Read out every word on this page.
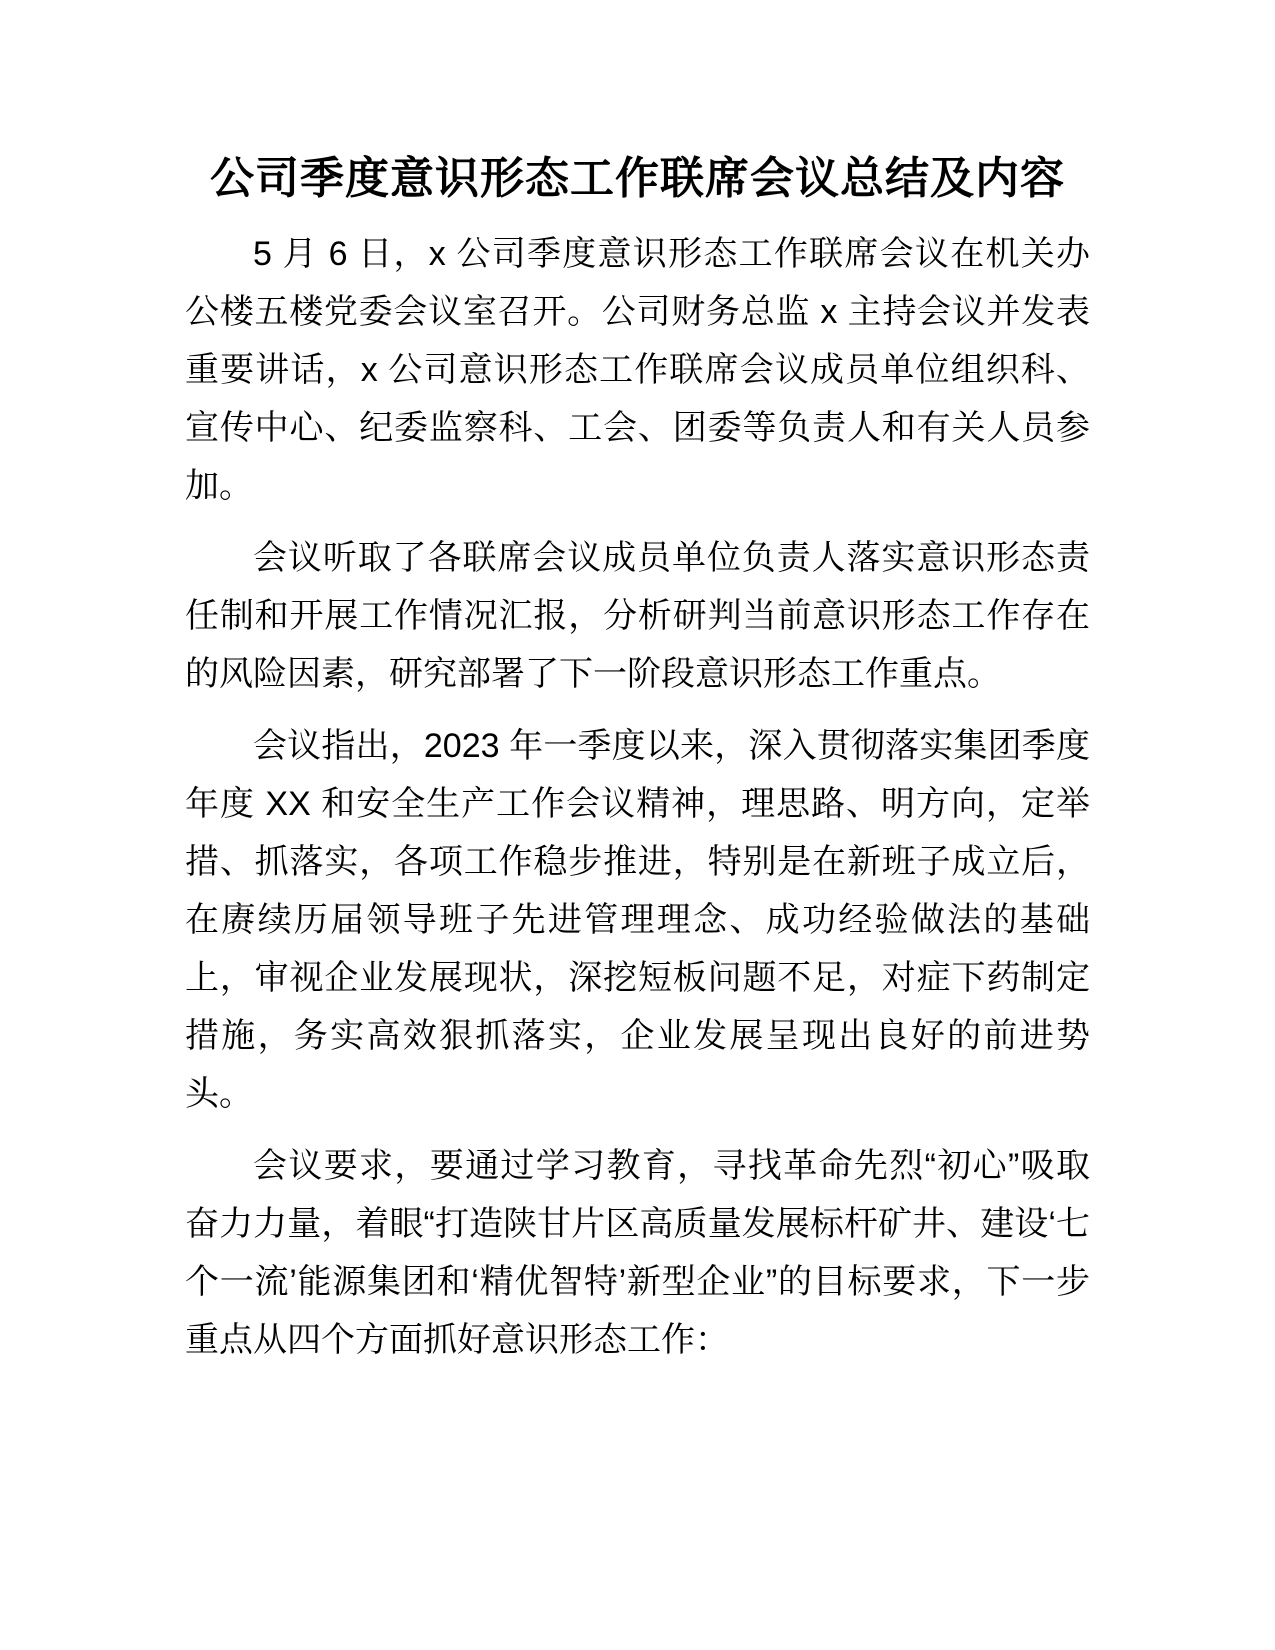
公司季度意识形态工作联席会议总结及内容

5 月 6 日，x 公司季度意识形态工作联席会议在机关办公楼五楼党委会议室召开。公司财务总监 x 主持会议并发表重要讲话，x 公司意识形态工作联席会议成员单位组织科、宣传中心、纪委监察科、工会、团委等负责人和有关人员参加。

会议听取了各联席会议成员单位负责人落实意识形态责任制和开展工作情况汇报，分析研判当前意识形态工作存在的风险因素，研究部署了下一阶段意识形态工作重点。

会议指出，2023 年一季度以来，深入贯彻落实集团季度年度 XX 和安全生产工作会议精神，理思路、明方向，定举措、抓落实，各项工作稳步推进，特别是在新班子成立后，在赓续历届领导班子先进管理理念、成功经验做法的基础上，审视企业发展现状，深挖短板问题不足，对症下药制定措施，务实高效狠抓落实，企业发展呈现出良好的前进势头。

会议要求，要通过学习教育，寻找革命先烈“初心”吸取奋力力量，着眼“打造陕甘片区高质量发展标杆矿井、建设‘七个一流’能源集团和‘精优智特’新型企业”的目标要求，下一步重点从四个方面抓好意识形态工作：
